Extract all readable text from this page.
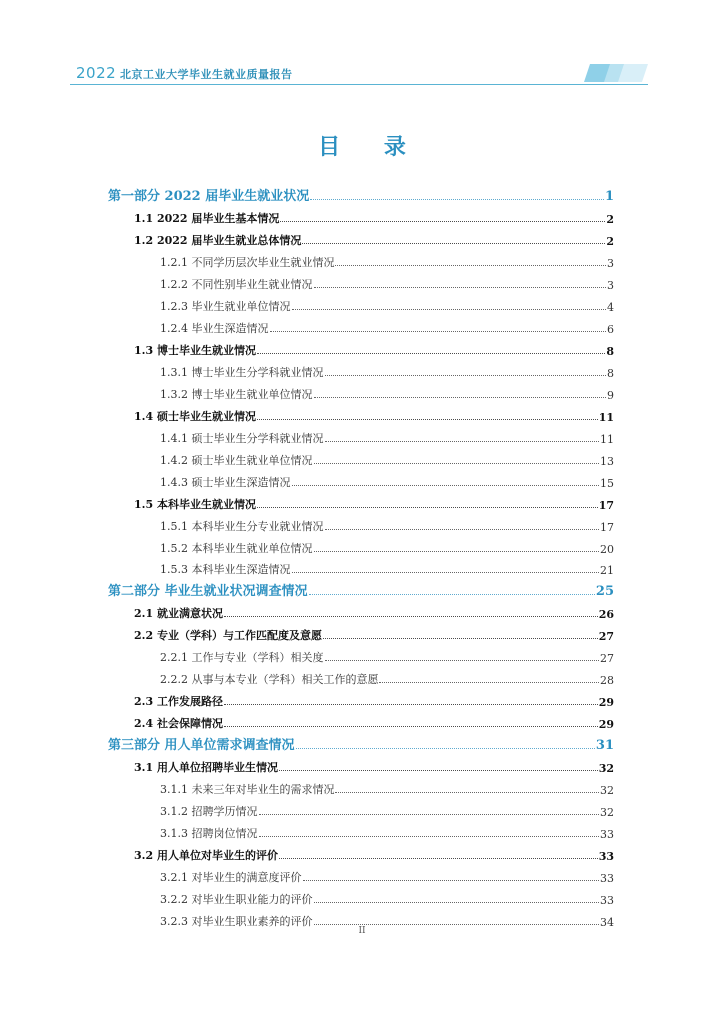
2022 北京工业大学毕业生就业质量报告
目 录
第一部分 2022 届毕业生就业状况	1
1.1 2022 届毕业生基本情况	2
1.2 2022 届毕业生就业总体情况	2
1.2.1 不同学历层次毕业生就业情况	3
1.2.2 不同性别毕业生就业情况	3
1.2.3 毕业生就业单位情况	4
1.2.4 毕业生深造情况	6
1.3 博士毕业生就业情况	8
1.3.1 博士毕业生分学科就业情况	8
1.3.2 博士毕业生就业单位情况	9
1.4 硕士毕业生就业情况	11
1.4.1 硕士毕业生分学科就业情况	11
1.4.2 硕士毕业生就业单位情况	13
1.4.3 硕士毕业生深造情况	15
1.5 本科毕业生就业情况	17
1.5.1 本科毕业生分专业就业情况	17
1.5.2 本科毕业生就业单位情况	20
1.5.3 本科毕业生深造情况	21
第二部分 毕业生就业状况调查情况	25
2.1 就业满意状况	26
2.2 专业（学科）与工作匹配度及意愿	27
2.2.1 工作与专业（学科）相关度	27
2.2.2 从事与本专业（学科）相关工作的意愿	28
2.3 工作发展路径	29
2.4 社会保障情况	29
第三部分 用人单位需求调查情况	31
3.1 用人单位招聘毕业生情况	32
3.1.1 未来三年对毕业生的需求情况	32
3.1.2 招聘学历情况	32
3.1.3 招聘岗位情况	33
3.2 用人单位对毕业生的评价	33
3.2.1 对毕业生的满意度评价	33
3.2.2 对毕业生职业能力的评价	33
3.2.3 对毕业生职业素养的评价	34
II
